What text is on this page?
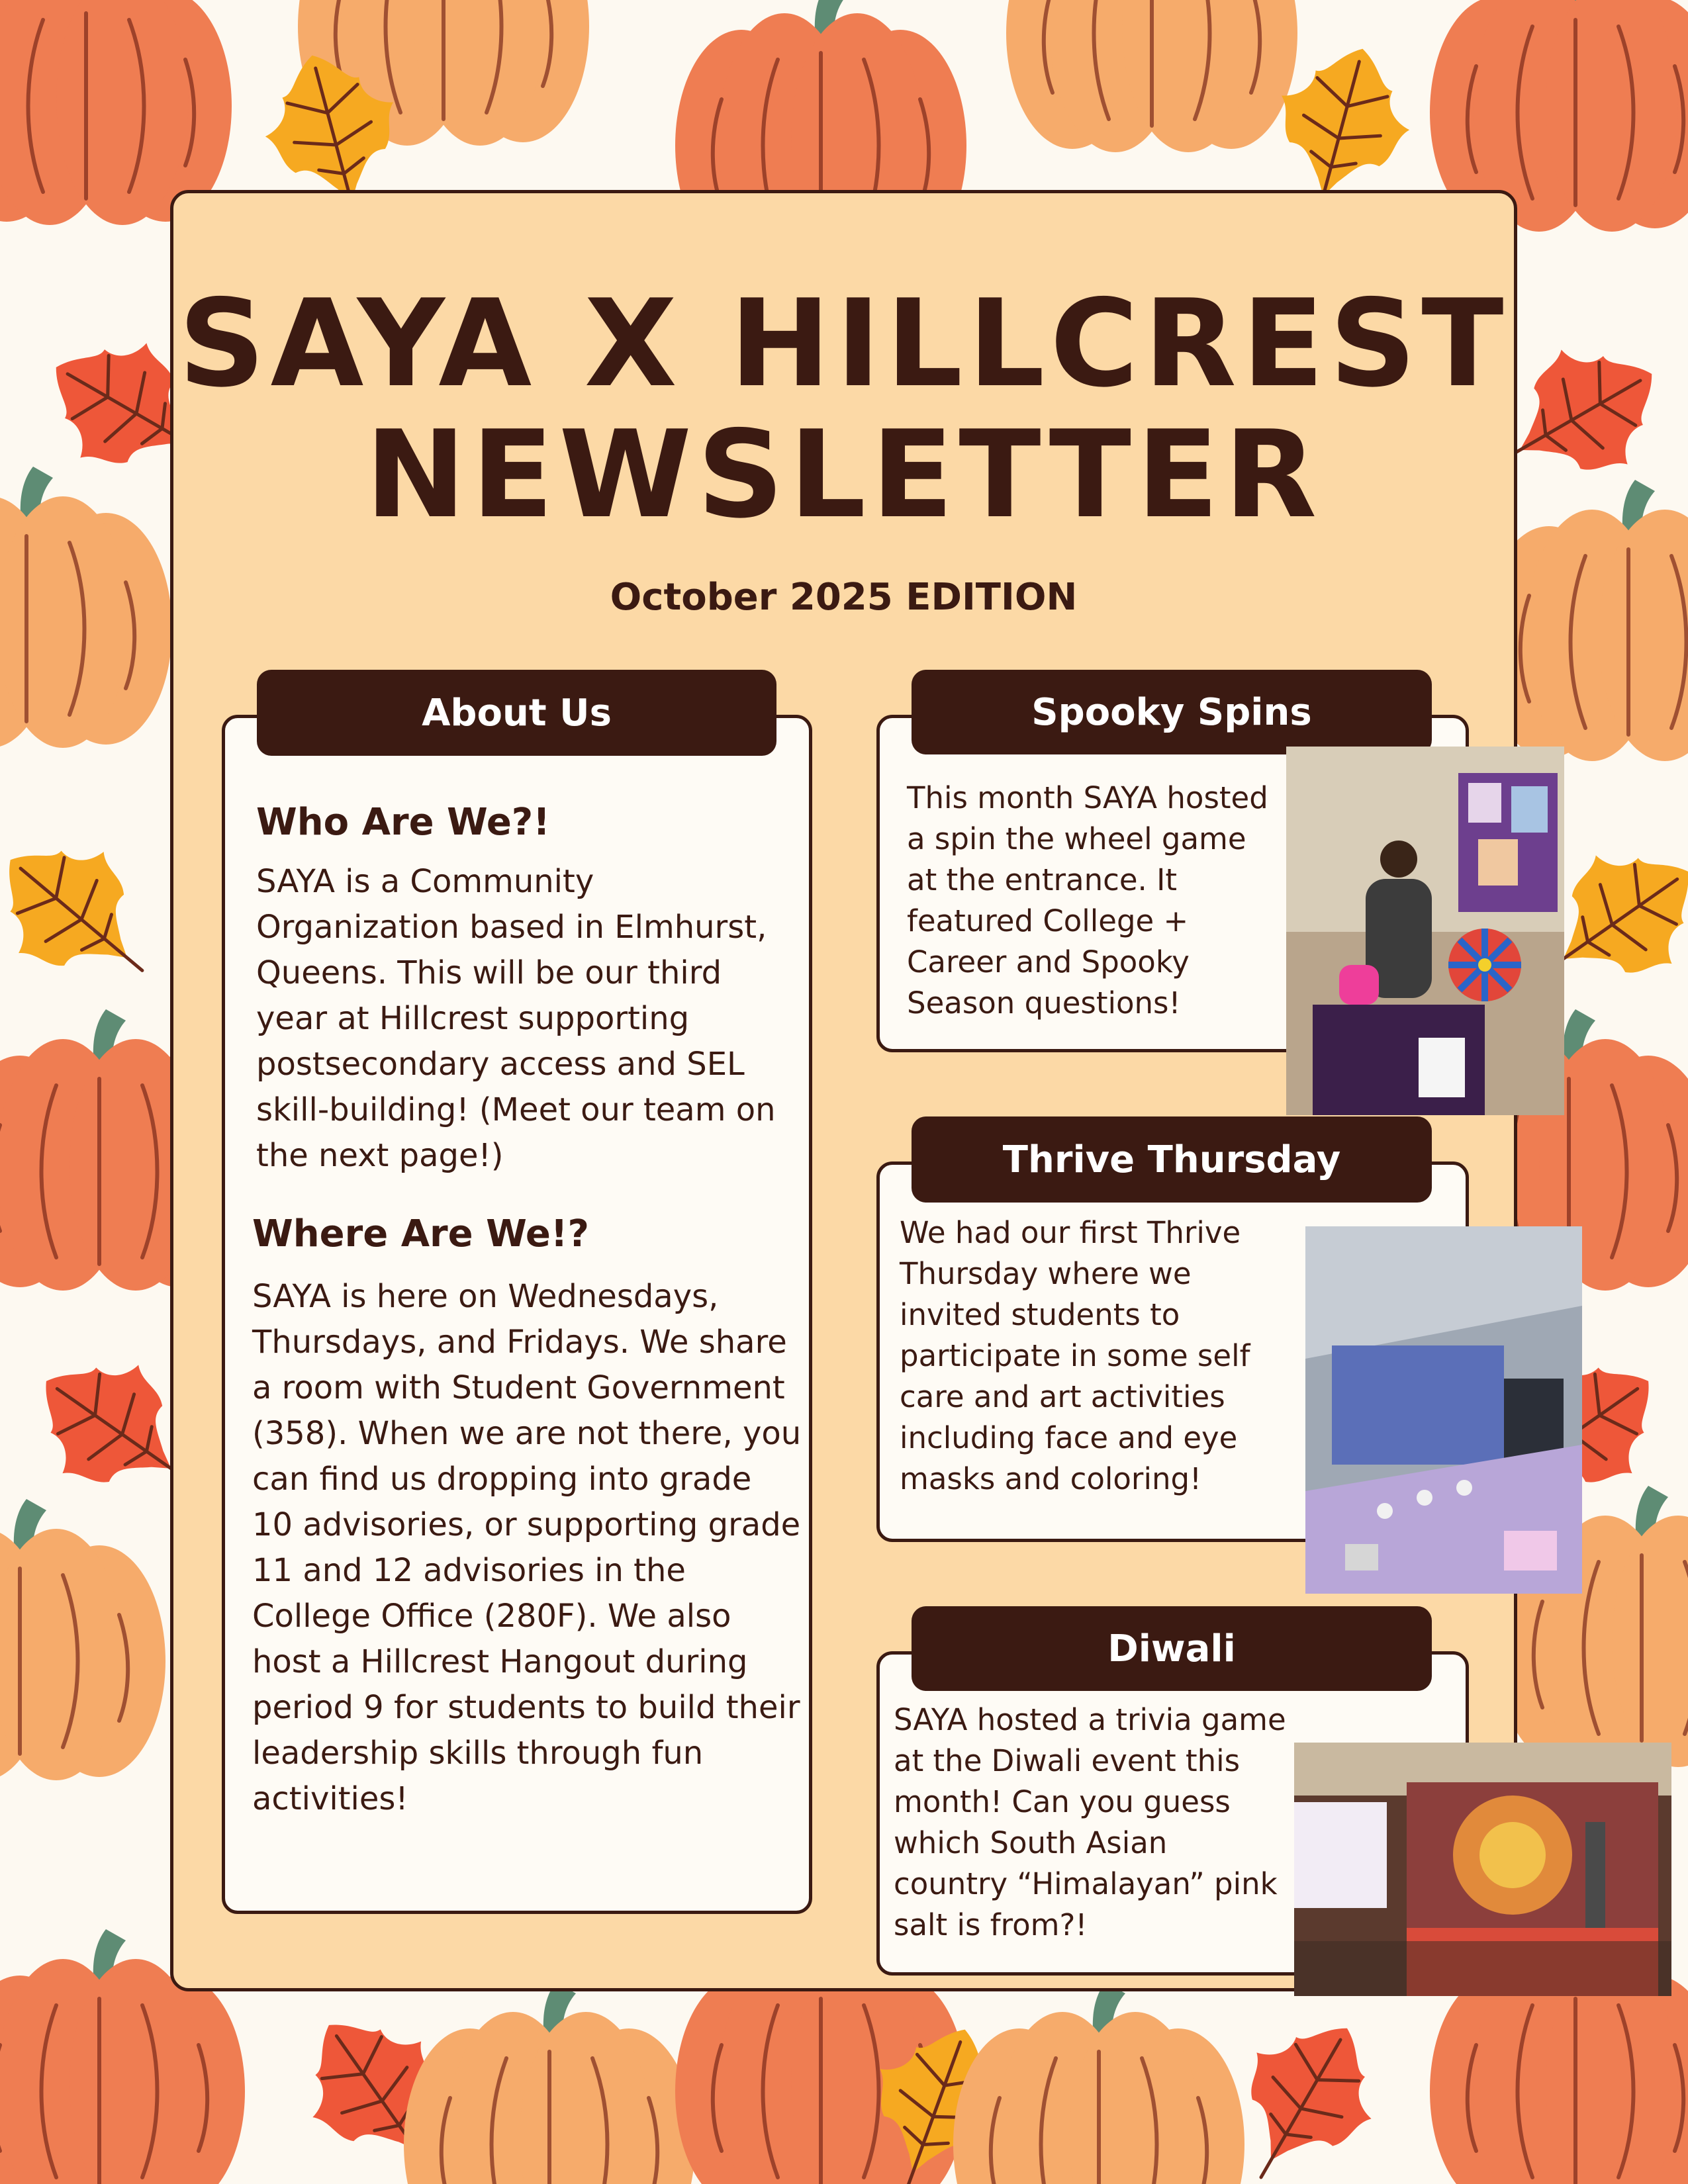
SAYA X HILLCREST
NEWSLETTER
October 2025 EDITION
About Us
Who Are We?!

SAYA is a Community Organization based in Elmhurst, Queens. This will be our third year at Hillcrest supporting postsecondary access and SEL skill-building! (Meet our team on the next page!)

Where Are We!?

SAYA is here on Wednesdays, Thursdays, and Fridays. We share a room with Student Government (358). When we are not there, you can find us dropping into grade 10 advisories, or supporting grade 11 and 12 advisories in the College Office (280F). We also host a Hillcrest Hangout during period 9 for students to build their leadership skills through fun activities!

Spooky Spins

This month SAYA hosted a spin the wheel game at the entrance. It featured College + Career and Spooky Season questions!

Thrive Thursday

We had our first Thrive Thursday where we invited students to participate in some self care and art activities including face and eye masks and coloring!

Diwali

SAYA hosted a trivia game at the Diwali event this month! Can you guess which South Asian country “Himalayan” pink salt is from?!
